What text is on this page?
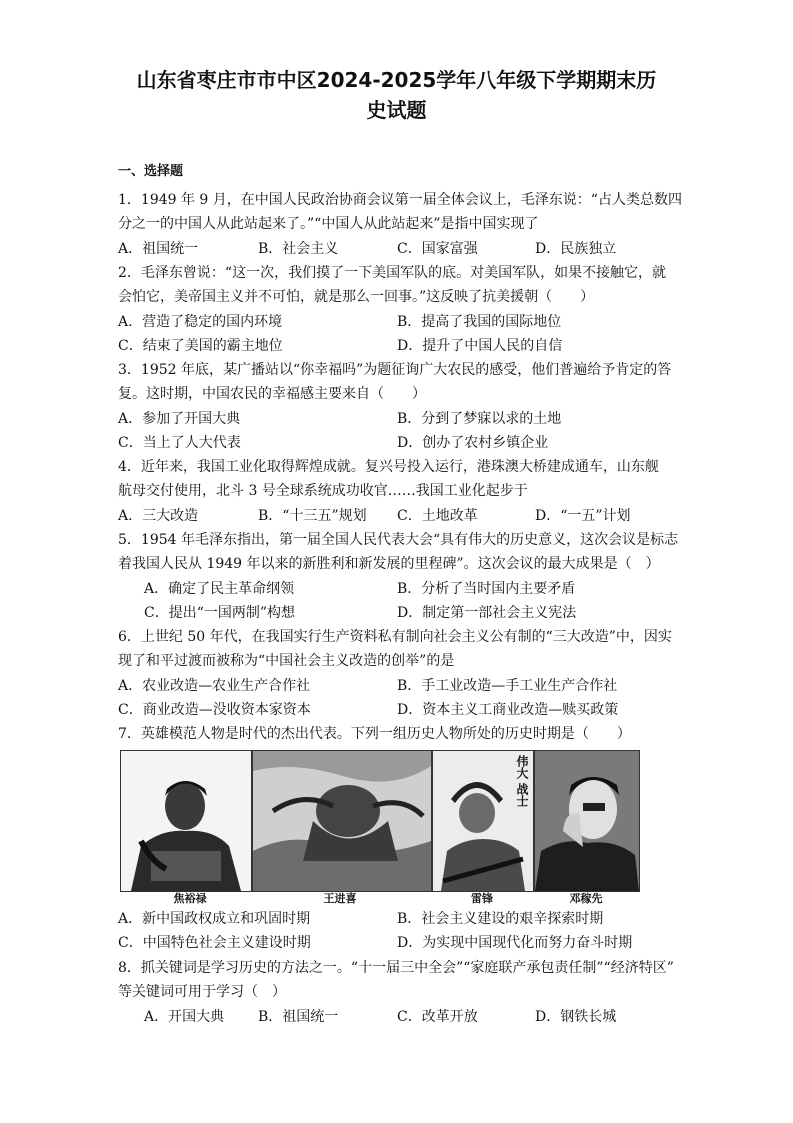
山东省枣庄市市中区2024-2025学年八年级下学期期末历
史试题
一、选择题
1．1949 年 9 月，在中国人民政治协商会议第一届全体会议上，毛泽东说：“占人类总数四
分之一的中国人从此站起来了。”“中国人从此站起来”是指中国实现了
A．祖国统一	B．社会主义	C．国家富强	D．民族独立
2．毛泽东曾说：“这一次，我们摸了一下美国军队的底。对美国军队，如果不接触它，就
会怕它，美帝国主义并不可怕，就是那么一回事。”这反映了抗美援朝（　　）
A．营造了稳定的国内环境	B．提高了我国的国际地位
C．结束了美国的霸主地位	D．提升了中国人民的自信
3．1952 年底，某广播站以“你幸福吗”为题征询广大农民的感受，他们普遍给予肯定的答
复。这时期，中国农民的幸福感主要来自（　　）
A．参加了开国大典	B．分到了梦寐以求的土地
C．当上了人大代表	D．创办了农村乡镇企业
4．近年来，我国工业化取得辉煌成就。复兴号投入运行，港珠澳大桥建成通车，山东舰
航母交付使用，北斗 3 号全球系统成功收官……我国工业化起步于
A．三大改造	B．“十三五”规划 C．土地改革	D．“一五”计划
5．1954 年毛泽东指出，第一届全国人民代表大会“具有伟大的历史意义，这次会议是标志
着我国人民从 1949 年以来的新胜利和新发展的里程碑”。这次会议的最大成果是（　）
A．确定了民主革命纲领	B．分析了当时国内主要矛盾
C．提出“一国两制”构想	D．制定第一部社会主义宪法
6．上世纪 50 年代，在我国实行生产资料私有制向社会主义公有制的“三大改造”中，因实
现了和平过渡而被称为“中国社会主义改造的创举”的是
A．农业改造—农业生产合作社	B．手工业改造—手工业生产合作社
C．商业改造—没收资本家资本	D．资本主义工商业改造—赎买政策
7．英雄模范人物是时代的杰出代表。下列一组历史人物所处的历史时期是（　　）
焦裕禄	王进喜
伟大 战士
雷锋	邓稼先
A．新中国政权成立和巩固时期	B．社会主义建设的艰辛探索时期
C．中国特色社会主义建设时期	D．为实现中国现代化而努力奋斗时期
8．抓关键词是学习历史的方法之一。“十一届三中全会”“家庭联产承包责任制”“经济特区”
等关键词可用于学习（　）
A．开国大典 B．祖国统一	C．改革开放	D．钢铁长城
